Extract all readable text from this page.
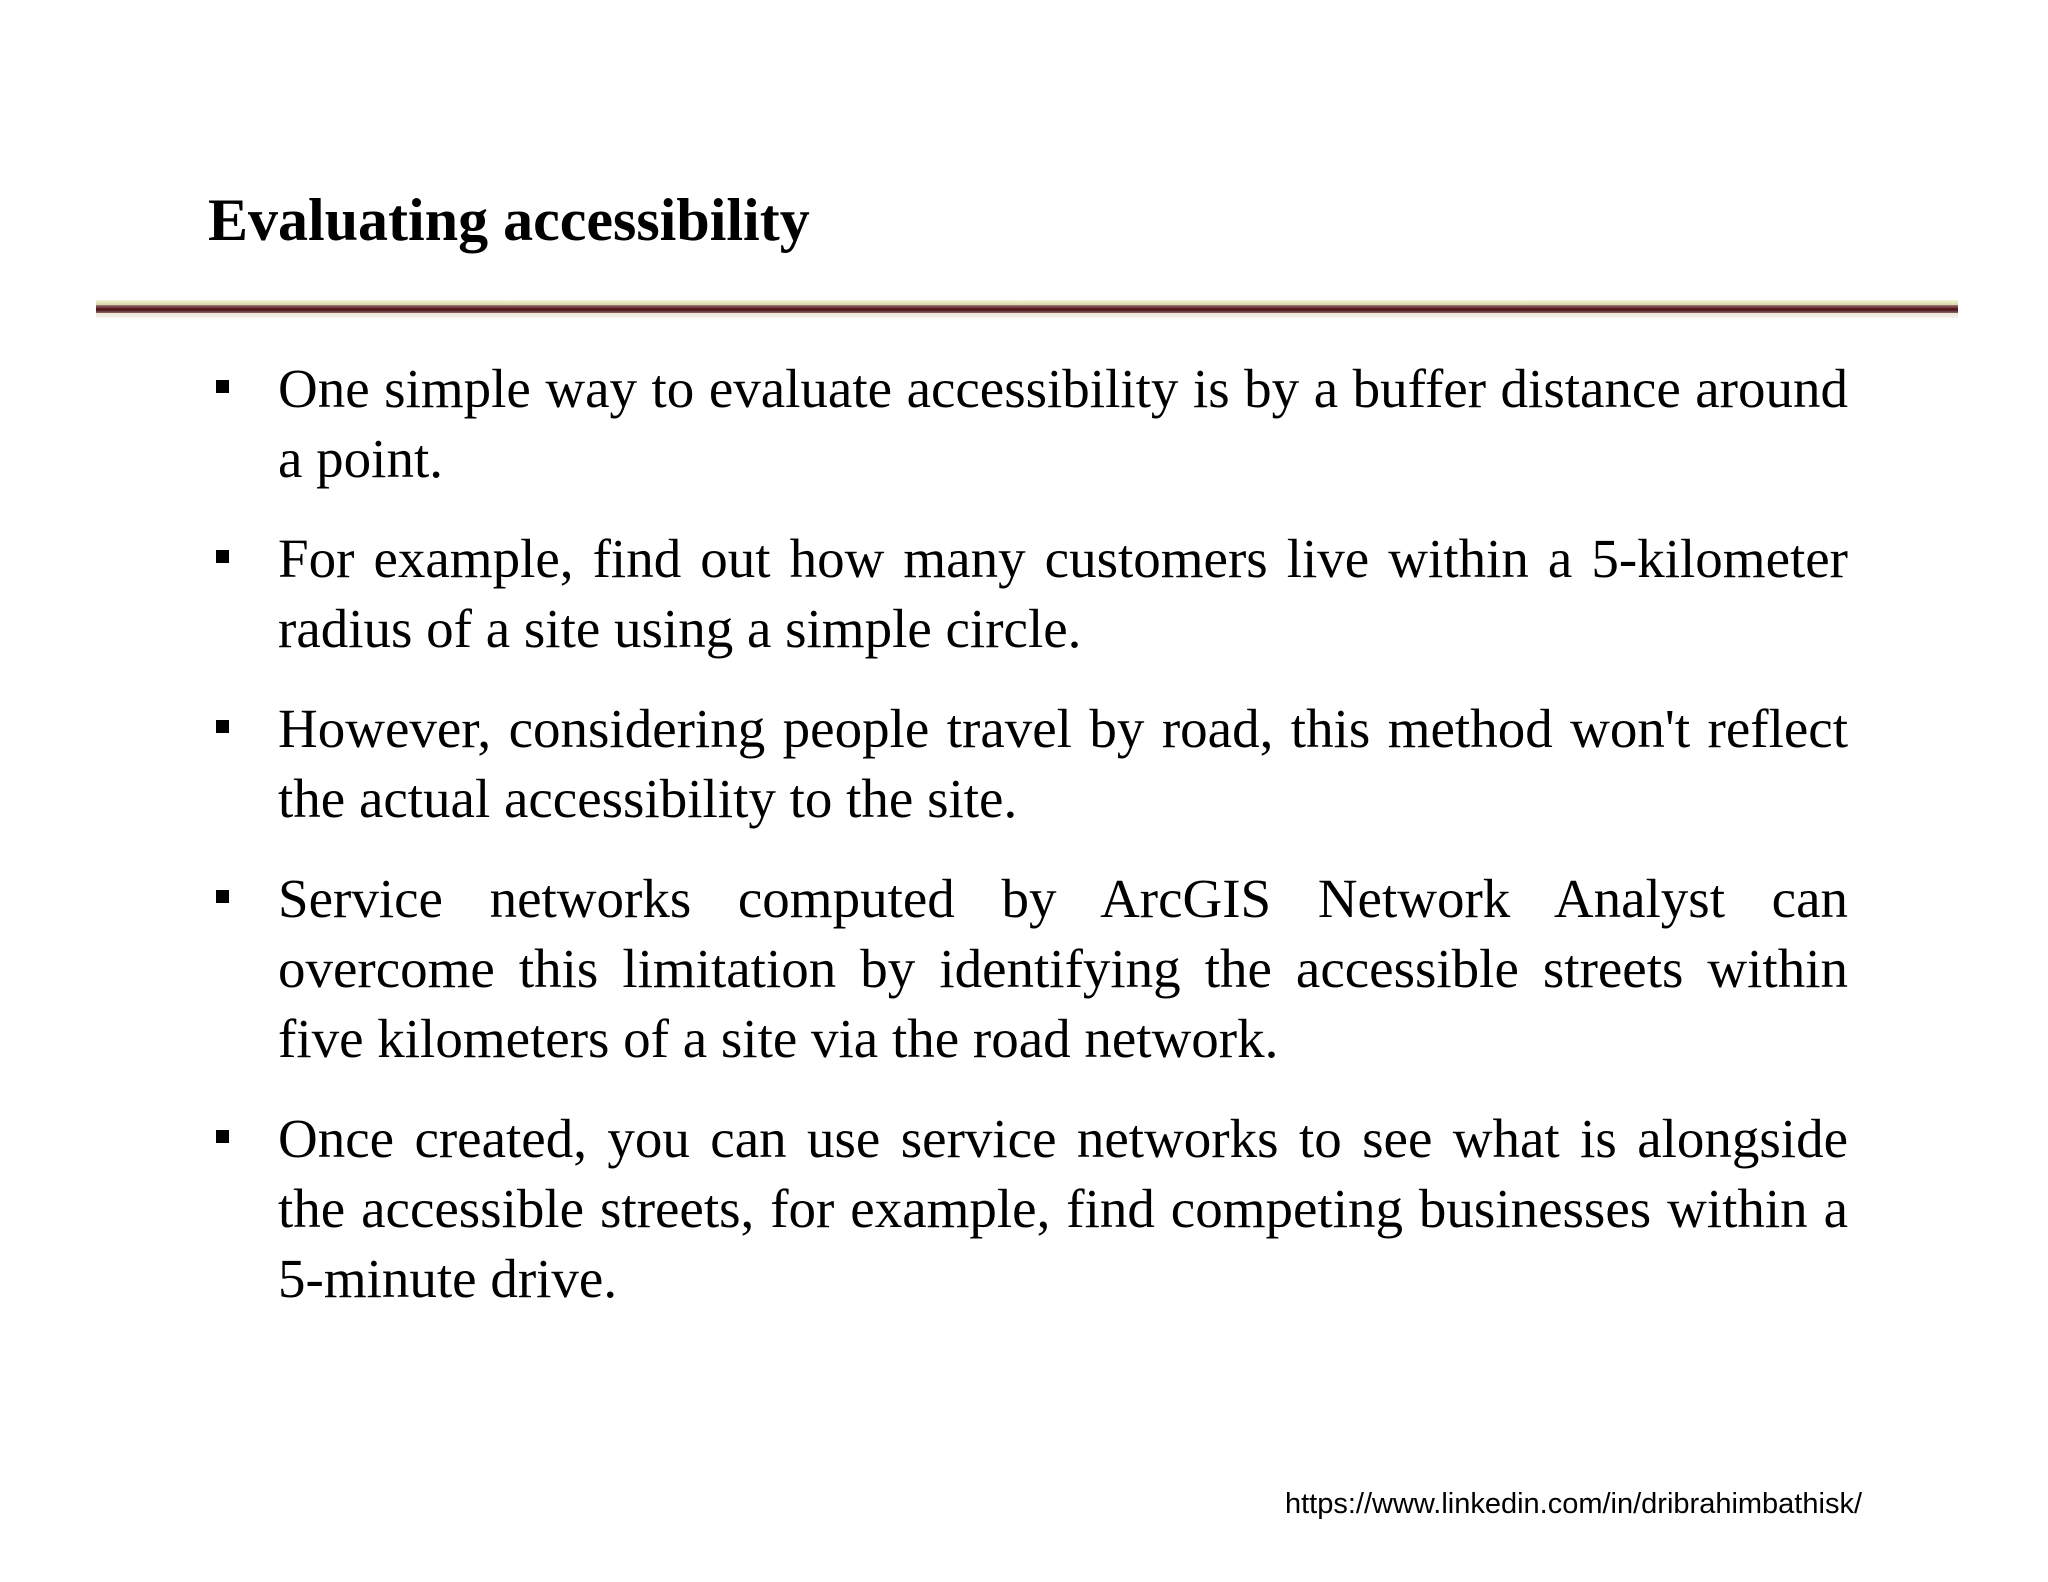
Evaluating accessibility
One simple way to evaluate accessibility is by a buffer distance around a point.
For example, find out how many customers live within a 5-kilometer radius of a site using a simple circle.
However, considering people travel by road, this method won't reflect the actual accessibility to the site.
Service networks computed by ArcGIS Network Analyst can overcome this limitation by identifying the accessible streets within five kilometers of a site via the road network.
Once created, you can use service networks to see what is alongside the accessible streets, for example, find competing businesses within a 5-minute drive.
https://www.linkedin.com/in/dribrahimbathisk/
